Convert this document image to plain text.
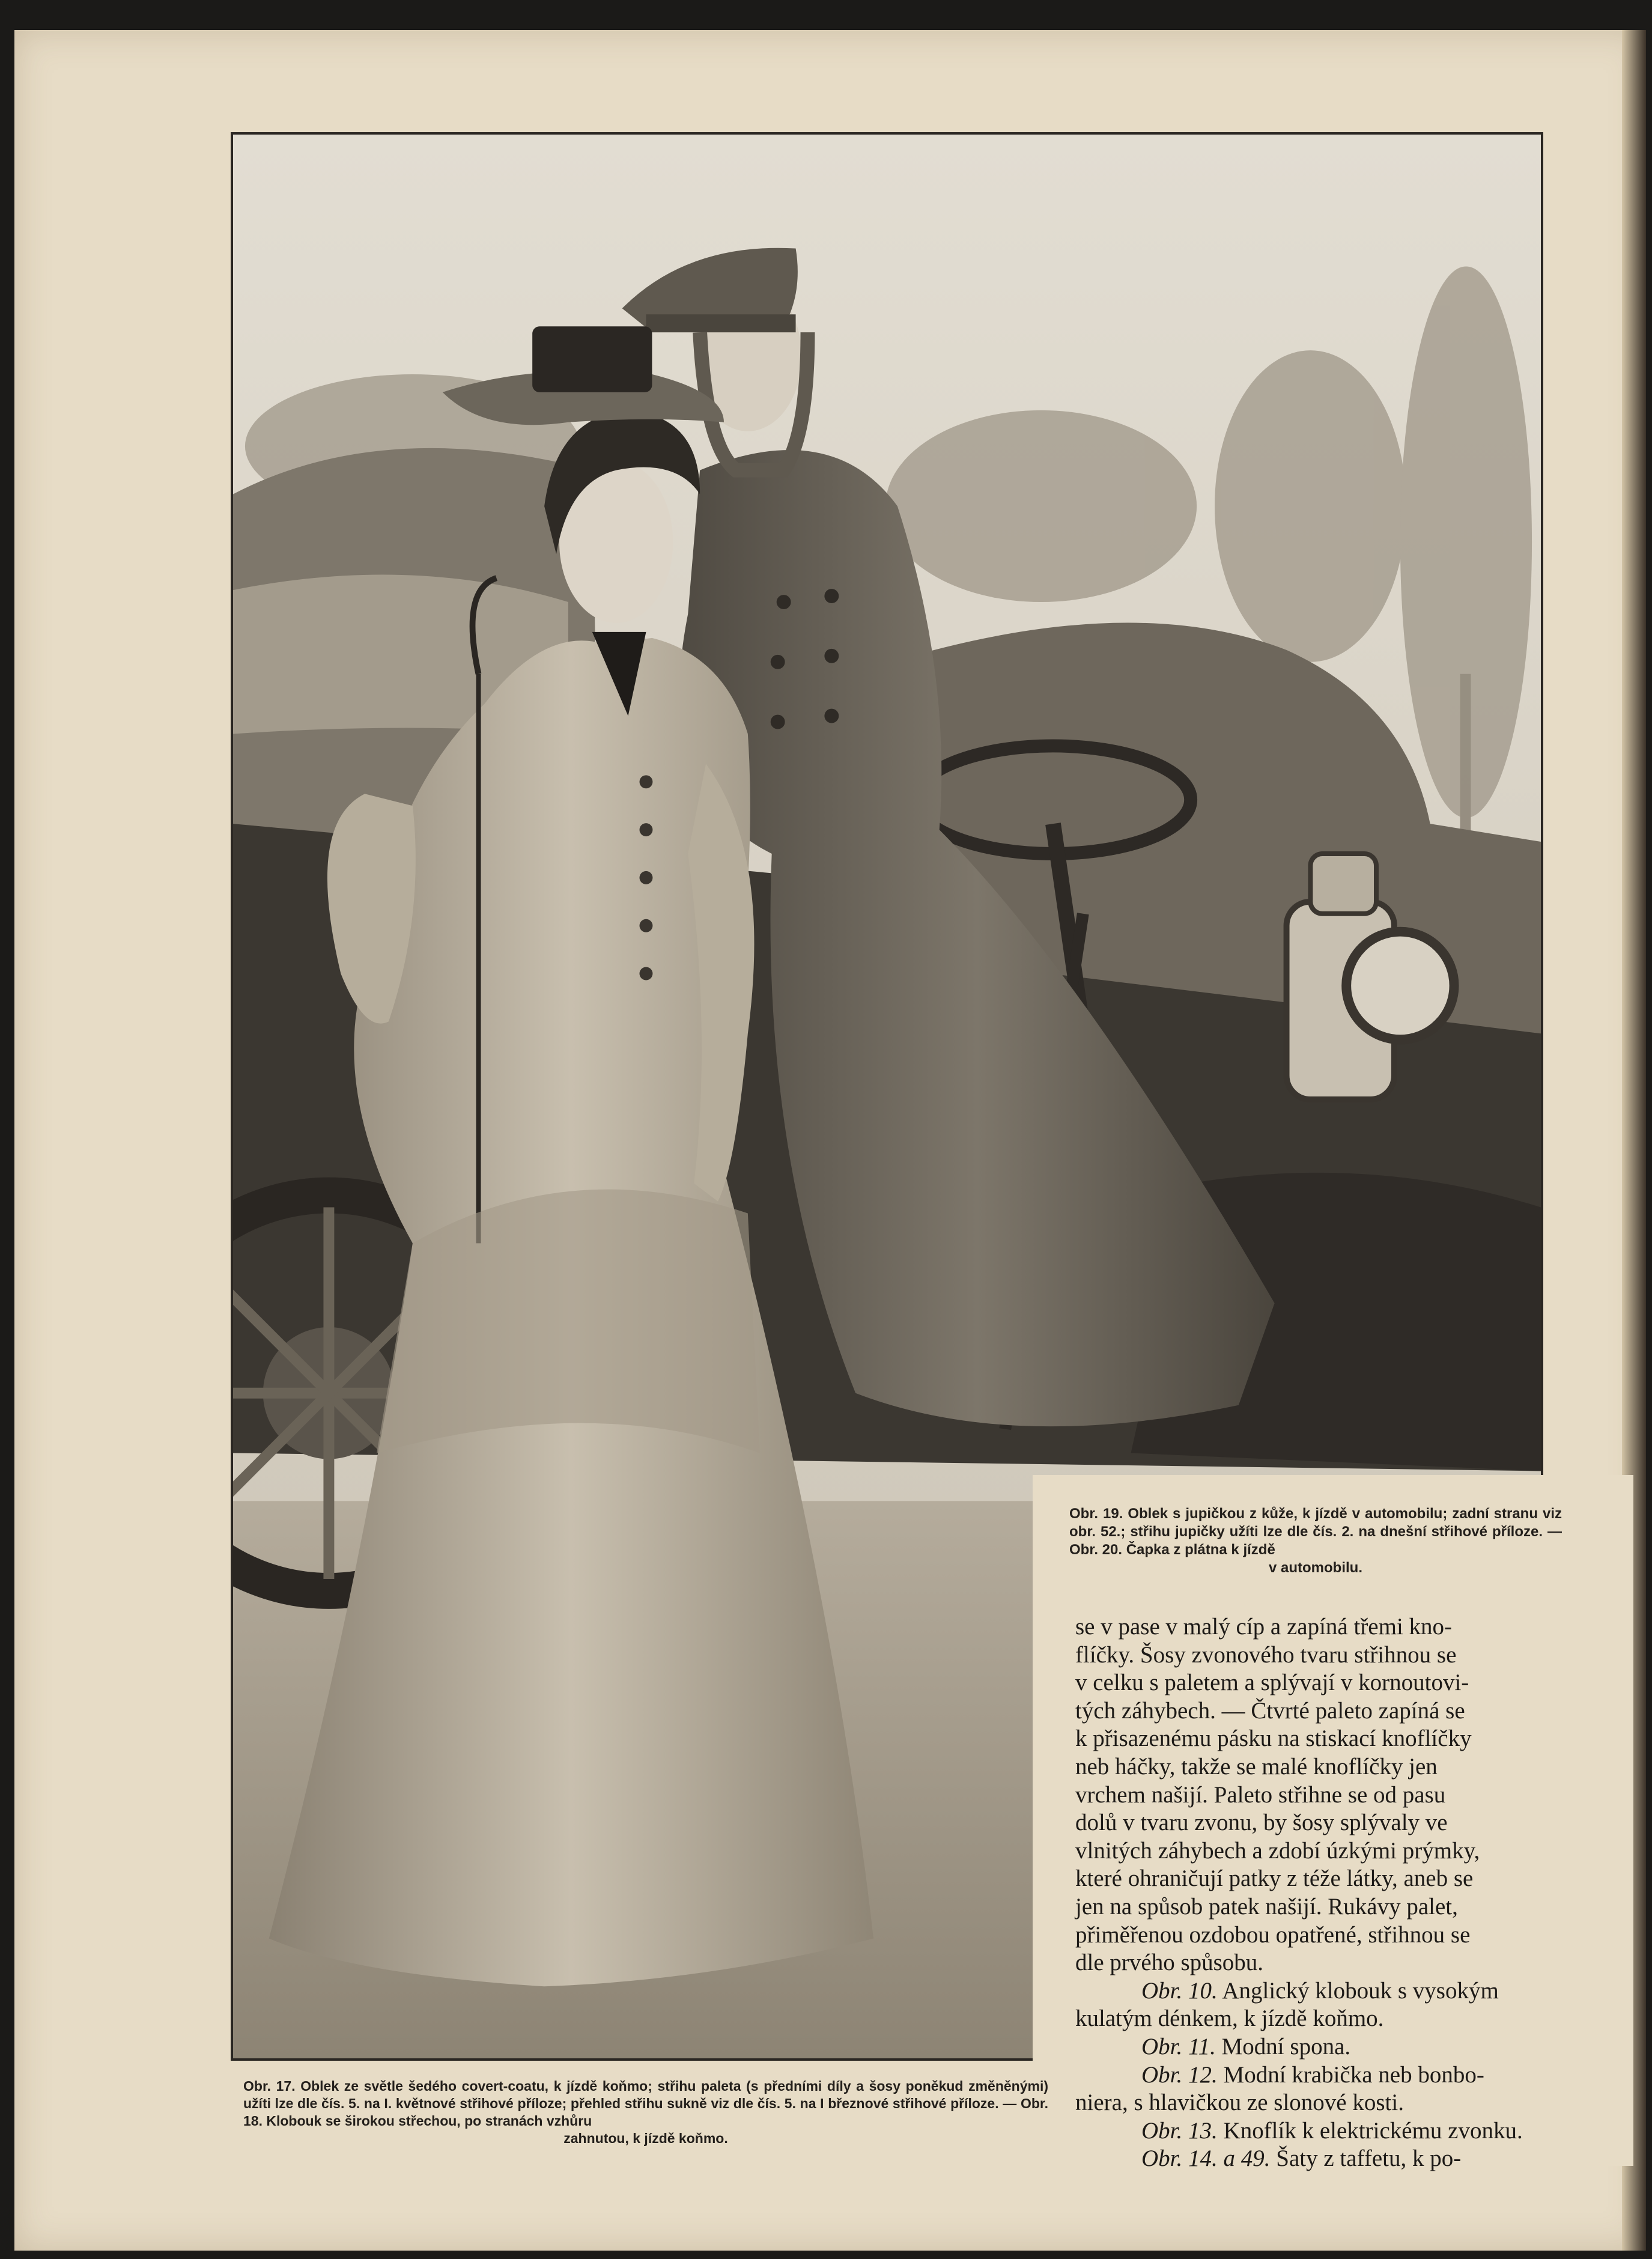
Obr. 19. Oblek s jupičkou z kůže, k jízdě v automobilu; zadní stranu viz obr. 52.; střihu jupičky užíti lze dle čís. 2. na dnešní střihové příloze. — Obr. 20. Čapka z plátna k jízdě
v automobilu.

se v pase v malý cíp a zapíná třemi kno-
flíčky. Šosy zvonového tvaru střihnou se
v celku s paletem a splývají v kornoutovi-
tých záhybech. — Čtvrté paleto zapíná se
k přisazenému pásku na stiskací knoflíčky
neb háčky, takže se malé knoflíčky jen
vrchem našijí. Paleto střihne se od pasu
dolů v tvaru zvonu, by šosy splývaly ve
vlnitých záhybech a zdobí úzkými prýmky,
které ohraničují patky z téže látky, aneb se
jen na spůsob patek našijí. Rukávy palet,
přiměřenou ozdobou opatřené, střihnou se
dle prvého spůsobu.

Obr. 10. Anglický klobouk s vysokým
kulatým dénkem, k jízdě koňmo.

Obr. 11. Modní spona.

Obr. 12. Modní krabička neb bonbo-
niera, s hlavičkou ze slonové kosti.

Obr. 13. Knoflík k elektrickému zvonku.

Obr. 14. a 49. Šaty z taffetu, k po-

Obr. 17. Oblek ze světle šedého covert-coatu, k jízdě koňmo; střihu paleta (s předními díly a šosy poněkud změněnými) užíti lze dle čís. 5. na I. květnové střihové příloze; přehled střihu sukně viz dle čís. 5. na I březnové střihové příloze. — Obr. 18. Klobouk se širokou střechou, po stranách vzhůru
zahnutou, k jízdě koňmo.
